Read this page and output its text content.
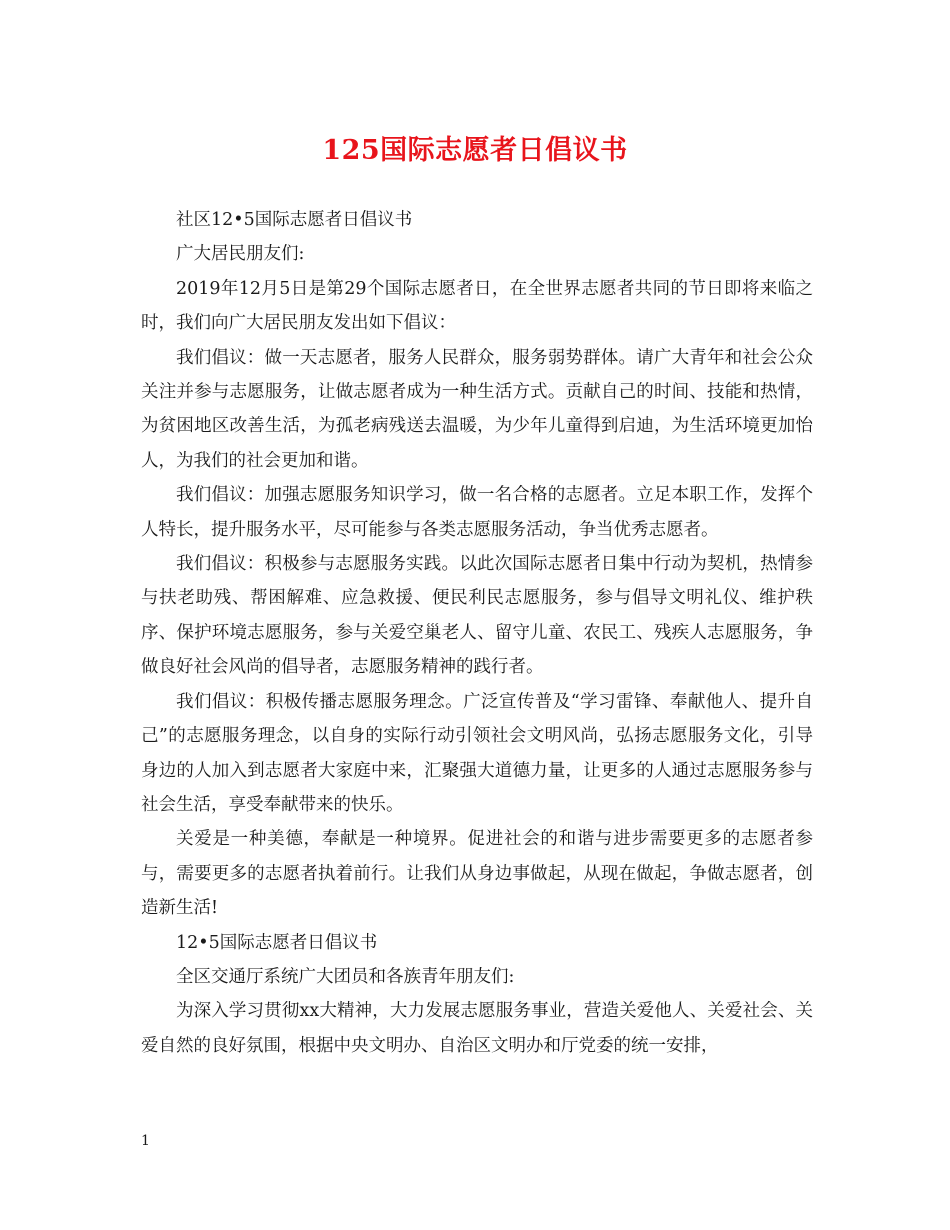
125国际志愿者日倡议书

社区12•5国际志愿者日倡议书

广大居民朋友们:

2019年12月5日是第29个国际志愿者日，在全世界志愿者共同的节日即将来临之时，我们向广大居民朋友发出如下倡议：

我们倡议：做一天志愿者，服务人民群众，服务弱势群体。请广大青年和社会公众关注并参与志愿服务，让做志愿者成为一种生活方式。贡献自己的时间、技能和热情，为贫困地区改善生活，为孤老病残送去温暖，为少年儿童得到启迪，为生活环境更加怡人，为我们的社会更加和谐。

我们倡议：加强志愿服务知识学习，做一名合格的志愿者。立足本职工作，发挥个人特长，提升服务水平，尽可能参与各类志愿服务活动，争当优秀志愿者。

我们倡议：积极参与志愿服务实践。以此次国际志愿者日集中行动为契机，热情参与扶老助残、帮困解难、应急救援、便民利民志愿服务，参与倡导文明礼仪、维护秩序、保护环境志愿服务，参与关爱空巢老人、留守儿童、农民工、残疾人志愿服务，争做良好社会风尚的倡导者，志愿服务精神的践行者。

我们倡议：积极传播志愿服务理念。广泛宣传普及“学习雷锋、奉献他人、提升自己”的志愿服务理念，以自身的实际行动引领社会文明风尚，弘扬志愿服务文化，引导身边的人加入到志愿者大家庭中来，汇聚强大道德力量，让更多的人通过志愿服务参与社会生活，享受奉献带来的快乐。

关爱是一种美德，奉献是一种境界。促进社会的和谐与进步需要更多的志愿者参与，需要更多的志愿者执着前行。让我们从身边事做起，从现在做起，争做志愿者，创造新生活!

12•5国际志愿者日倡议书

全区交通厅系统广大团员和各族青年朋友们:

为深入学习贯彻xx大精神，大力发展志愿服务事业，营造关爱他人、关爱社会、关爱自然的良好氛围，根据中央文明办、自治区文明办和厅党委的统一安排，

1
